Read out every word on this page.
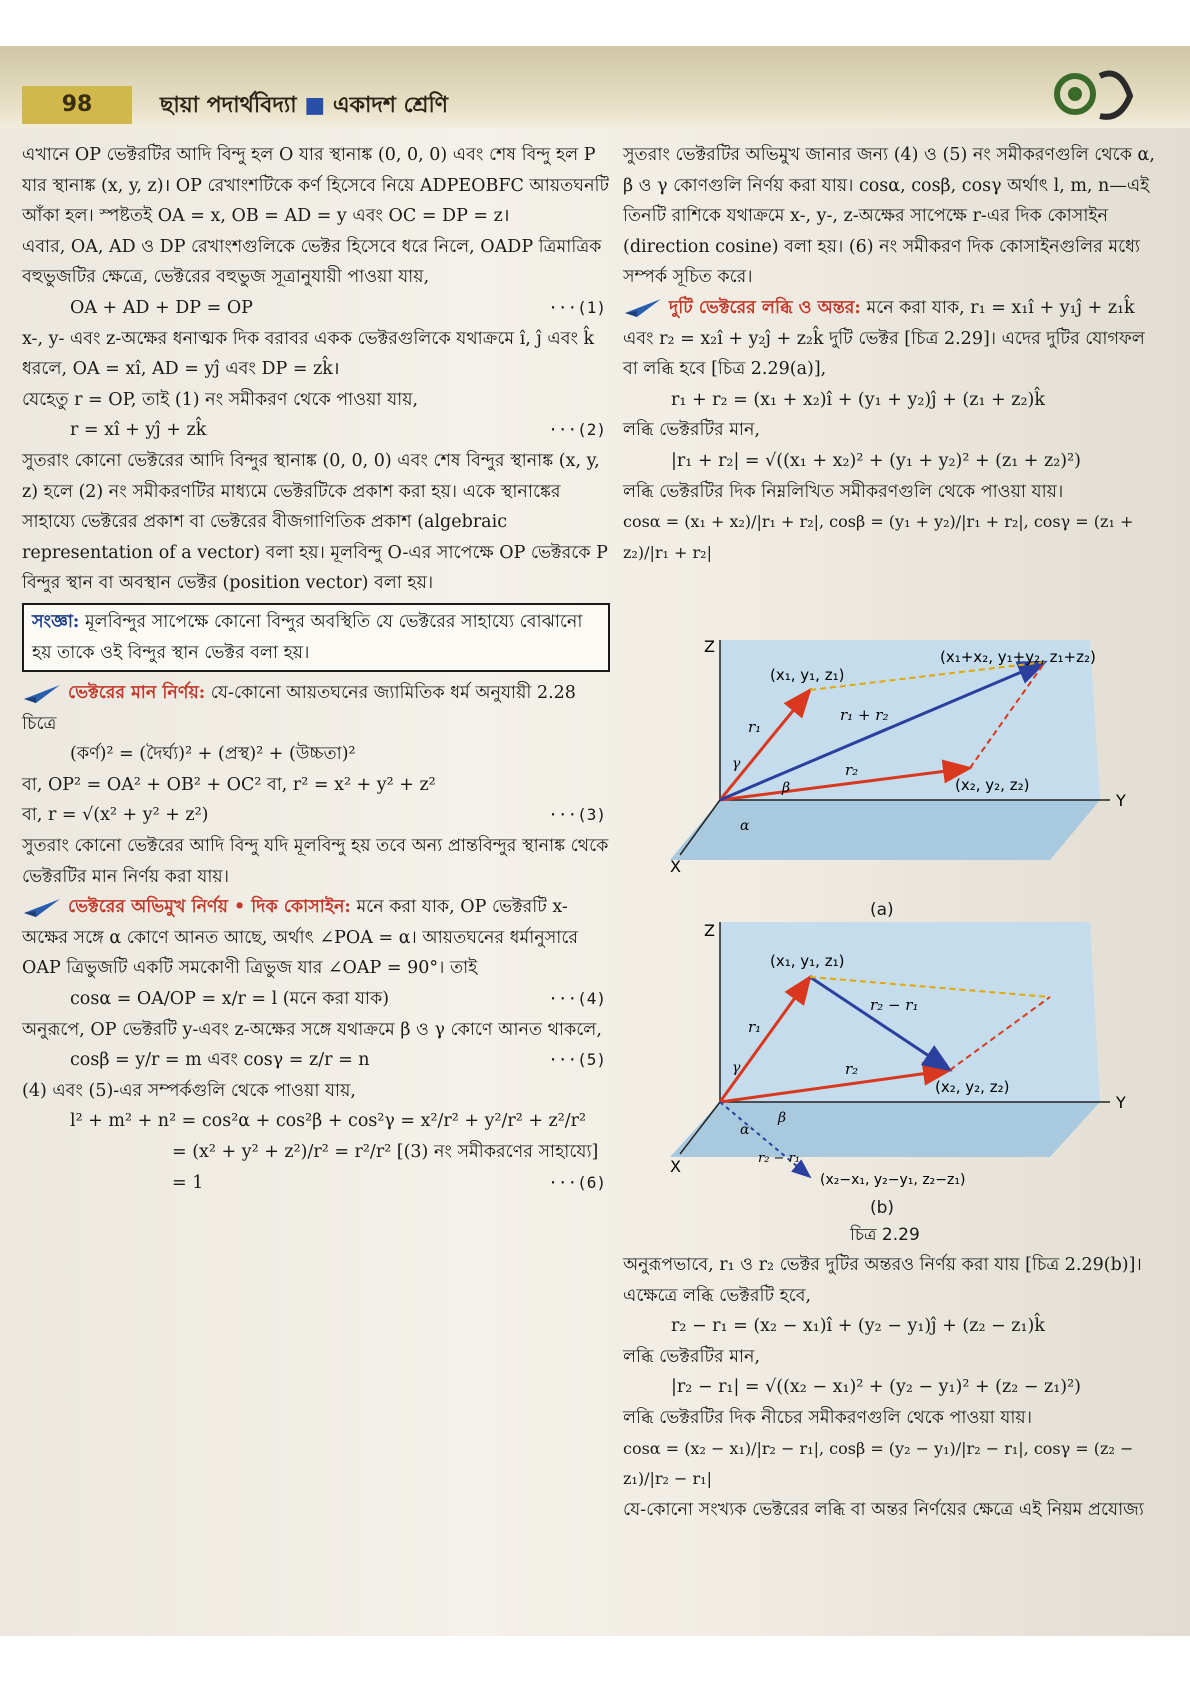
98	ছায়া পদার্থবিদ্যা ■ একাদশ শ্রেণি

এখানে OP ভেক্টরটির আদি বিন্দু হল O যার স্থানাঙ্ক (0, 0, 0) এবং শেষ বিন্দু হল P যার স্থানাঙ্ক (x, y, z)। OP রেখাংশটিকে কর্ণ হিসেবে নিয়ে ADPEOBFC আয়তঘনটি আঁকা হল। স্পষ্টতই OA = x, OB = AD = y এবং OC = DP = z।

এবার, OA, AD ও DP রেখাংশগুলিকে ভেক্টর হিসেবে ধরে নিলে, OADP ত্রিমাত্রিক বহুভুজটির ক্ষেত্রে, ভেক্টরের বহুভুজ সূত্রানুযায়ী পাওয়া যায়,

OA + AD + DP = OP	···(1)

x-, y- এবং z-অক্ষের ধনাত্মক দিক বরাবর একক ভেক্টরগুলিকে যথাক্রমে î, ĵ এবং k̂ ধরলে, OA = xî, AD = yĵ এবং DP = zk̂।

যেহেতু r = OP, তাই (1) নং সমীকরণ থেকে পাওয়া যায়,

r = xî + yĵ + zk̂	···(2)

সুতরাং কোনো ভেক্টরের আদি বিন্দুর স্থানাঙ্ক (0, 0, 0) এবং শেষ বিন্দুর স্থানাঙ্ক (x, y, z) হলে (2) নং সমীকরণটির মাধ্যমে ভেক্টরটিকে প্রকাশ করা হয়। একে স্থানাঙ্কের সাহায্যে ভেক্টরের প্রকাশ বা ভেক্টরের বীজগাণিতিক প্রকাশ (algebraic representation of a vector) বলা হয়। মূলবিন্দু O-এর সাপেক্ষে OP ভেক্টরকে P বিন্দুর স্থান বা অবস্থান ভেক্টর (position vector) বলা হয়।

সংজ্ঞা: মূলবিন্দুর সাপেক্ষে কোনো বিন্দুর অবস্থিতি যে ভেক্টরের সাহায্যে বোঝানো হয় তাকে ওই বিন্দুর স্থান ভেক্টর বলা হয়।

ভেক্টরের মান নির্ণয়: যে-কোনো আয়তঘনের জ্যামিতিক ধর্ম অনুযায়ী 2.28 চিত্রে

(কর্ণ)² = (দৈর্ঘ্য)² + (প্রস্থ)² + (উচ্চতা)²

বা, OP² = OA² + OB² + OC² বা, r² = x² + y² + z²

বা, r = √(x² + y² + z²)	···(3)

সুতরাং কোনো ভেক্টরের আদি বিন্দু যদি মূলবিন্দু হয় তবে অন্য প্রান্তবিন্দুর স্থানাঙ্ক থেকে ভেক্টরটির মান নির্ণয় করা যায়।

ভেক্টরের অভিমুখ নির্ণয় • দিক কোসাইন: মনে করা যাক, OP ভেক্টরটি x-অক্ষের সঙ্গে α কোণে আনত আছে, অর্থাৎ ∠POA = α। আয়তঘনের ধর্মানুসারে OAP ত্রিভুজটি একটি সমকোণী ত্রিভুজ যার ∠OAP = 90°। তাই

cosα = OA/OP = x/r = l (মনে করা যাক)	···(4)

অনুরূপে, OP ভেক্টরটি y-এবং z-অক্ষের সঙ্গে যথাক্রমে β ও γ কোণে আনত থাকলে,

cosβ = y/r = m এবং cosγ = z/r = n	···(5)

(4) এবং (5)-এর সম্পর্কগুলি থেকে পাওয়া যায়,

l² + m² + n² = cos²α + cos²β + cos²γ = x²/r² + y²/r² + z²/r²

= (x² + y² + z²)/r² = r²/r² [(3) নং সমীকরণের সাহায্যে]

= 1	···(6)

সুতরাং ভেক্টরটির অভিমুখ জানার জন্য (4) ও (5) নং সমীকরণগুলি থেকে α, β ও γ কোণগুলি নির্ণয় করা যায়। cosα, cosβ, cosγ অর্থাৎ l, m, n—এই তিনটি রাশিকে যথাক্রমে x-, y-, z-অক্ষের সাপেক্ষে r-এর দিক কোসাইন (direction cosine) বলা হয়। (6) নং সমীকরণ দিক কোসাইনগুলির মধ্যে সম্পর্ক সূচিত করে।

দুটি ভেক্টরের লব্ধি ও অন্তর: মনে করা যাক, r₁ = x₁î + y₁ĵ + z₁k̂ এবং r₂ = x₂î + y₂ĵ + z₂k̂ দুটি ভেক্টর [চিত্র 2.29]। এদের দুটির যোগফল বা লব্ধি হবে [চিত্র 2.29(a)],

r₁ + r₂ = (x₁ + x₂)î + (y₁ + y₂)ĵ + (z₁ + z₂)k̂

লব্ধি ভেক্টরটির মান,

|r₁ + r₂| = √((x₁ + x₂)² + (y₁ + y₂)² + (z₁ + z₂)²)

লব্ধি ভেক্টরটির দিক নিম্নলিখিত সমীকরণগুলি থেকে পাওয়া যায়।

cosα = (x₁ + x₂)/|r₁ + r₂|, cosβ = (y₁ + y₂)/|r₁ + r₂|, cosγ = (z₁ + z₂)/|r₁ + r₂|

Z
Y
X
(x₁, y₁, z₁)
(x₁+x₂, y₁+y₂, z₁+z₂)
(x₂, y₂, z₂)
r₁
r₂
r₁ + r₂
γ
β
α
(a)
Z
Y
X
(x₁, y₁, z₁)
(x₂, y₂, z₂)
(x₂−x₁, y₂−y₁, z₂−z₁)
r₁
r₂
r₂ − r₁
r₂ − r₁
γ
β
α
(b)
চিত্র 2.29

অনুরূপভাবে, r₁ ও r₂ ভেক্টর দুটির অন্তরও নির্ণয় করা যায় [চিত্র 2.29(b)]। এক্ষেত্রে লব্ধি ভেক্টরটি হবে,

r₂ − r₁ = (x₂ − x₁)î + (y₂ − y₁)ĵ + (z₂ − z₁)k̂

লব্ধি ভেক্টরটির মান,

|r₂ − r₁| = √((x₂ − x₁)² + (y₂ − y₁)² + (z₂ − z₁)²)

লব্ধি ভেক্টরটির দিক নীচের সমীকরণগুলি থেকে পাওয়া যায়।

cosα = (x₂ − x₁)/|r₂ − r₁|, cosβ = (y₂ − y₁)/|r₂ − r₁|, cosγ = (z₂ − z₁)/|r₂ − r₁|

যে-কোনো সংখ্যক ভেক্টরের লব্ধি বা অন্তর নির্ণয়ের ক্ষেত্রে এই নিয়ম প্রযোজ্য
